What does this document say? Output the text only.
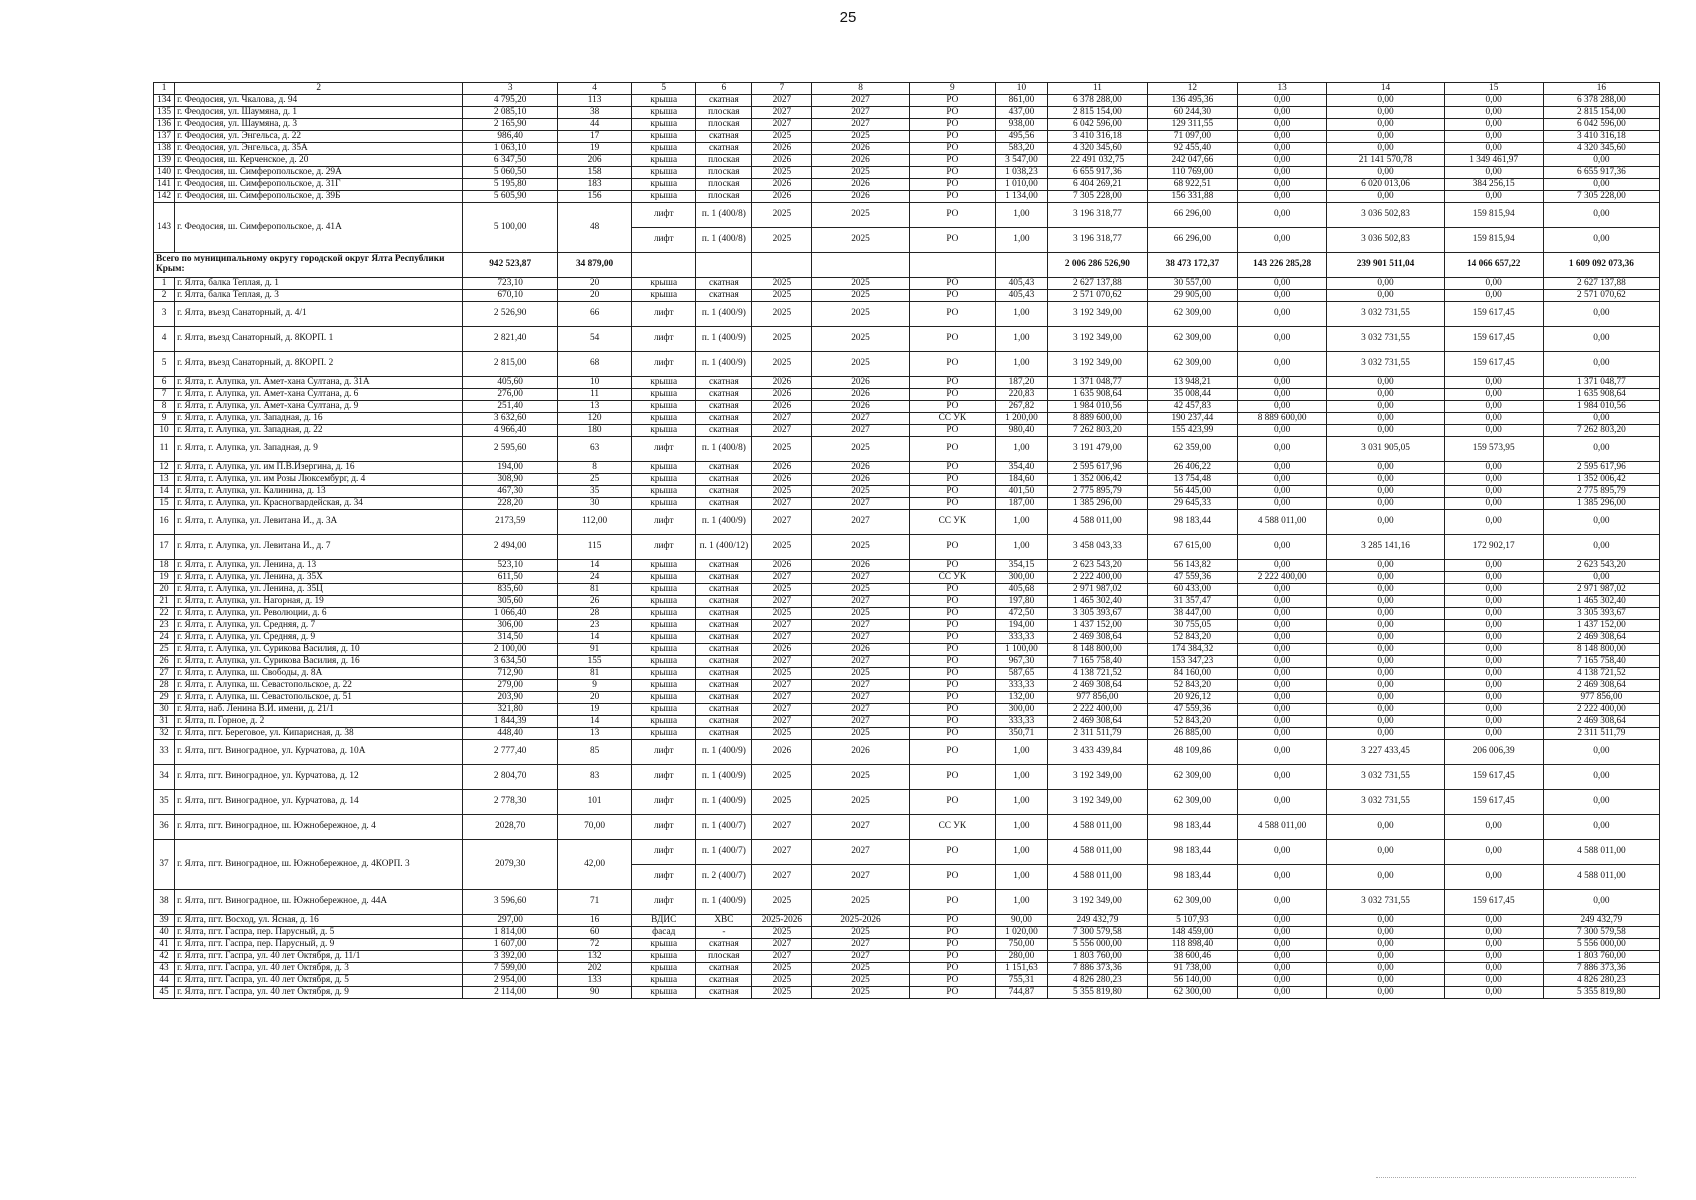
25
1	2	3	4	5	6	7	8	9	10	11	12	13	14	15	16
134	г. Феодосия, ул. Чкалова, д. 94	4 795,20	113	крыша	скатная	2027	2027	РО	861,00	6 378 288,00	136 495,36	0,00	0,00	0,00	6 378 288,00
135	г. Феодосия, ул. Шаумяна, д. 1	2 085,10	38	крыша	плоская	2027	2027	РО	437,00	2 815 154,00	60 244,30	0,00	0,00	0,00	2 815 154,00
136	г. Феодосия, ул. Шаумяна, д. 3	2 165,90	44	крыша	плоская	2027	2027	РО	938,00	6 042 596,00	129 311,55	0,00	0,00	0,00	6 042 596,00
137	г. Феодосия, ул. Энгельса, д. 22	986,40	17	крыша	скатная	2025	2025	РО	495,56	3 410 316,18	71 097,00	0,00	0,00	0,00	3 410 316,18
138	г. Феодосия, ул. Энгельса, д. 35А	1 063,10	19	крыша	скатная	2026	2026	РО	583,20	4 320 345,60	92 455,40	0,00	0,00	0,00	4 320 345,60
139	г. Феодосия, ш. Керченское, д. 20	6 347,50	206	крыша	плоская	2026	2026	РО	3 547,00	22 491 032,75	242 047,66	0,00	21 141 570,78	1 349 461,97	0,00
140	г. Феодосия, ш. Симферопольское, д. 29А	5 060,50	158	крыша	плоская	2025	2025	РО	1 038,23	6 655 917,36	110 769,00	0,00	0,00	0,00	6 655 917,36
141	г. Феодосия, ш. Симферопольское, д. 31Г	5 195,80	183	крыша	плоская	2026	2026	РО	1 010,00	6 404 269,21	68 922,51	0,00	6 020 013,06	384 256,15	0,00
142	г. Феодосия, ш. Симферопольское, д. 39Б	5 605,90	156	крыша	плоская	2026	2026	РО	1 134,00	7 305 228,00	156 331,88	0,00	0,00	0,00	7 305 228,00
143	г. Феодосия, ш. Симферопольское, д. 41А	5 100,00	48	лифт	п. 1 (400/8)	2025	2025	РО	1,00	3 196 318,77	66 296,00	0,00	3 036 502,83	159 815,94	0,00
				лифт	п. 1 (400/8)	2025	2025	РО	1,00	3 196 318,77	66 296,00	0,00	3 036 502,83	159 815,94	0,00
Всего по муниципальному округу городской округ Ялта Республики Крым:		942 523,87	34 879,00							2 006 286 526,90	38 473 172,37	143 226 285,28	239 901 511,04	14 066 657,22	1 609 092 073,36
1	г. Ялта, балка Теплая, д. 1	723,10	20	крыша	скатная	2025	2025	РО	405,43	2 627 137,88	30 557,00	0,00	0,00	0,00	2 627 137,88
2	г. Ялта, балка Теплая, д. 3	670,10	20	крыша	скатная	2025	2025	РО	405,43	2 571 070,62	29 905,00	0,00	0,00	0,00	2 571 070,62
3	г. Ялта, въезд Санаторный, д. 4/1	2 526,90	66	лифт	п. 1 (400/9)	2025	2025	РО	1,00	3 192 349,00	62 309,00	0,00	3 032 731,55	159 617,45	0,00
4	г. Ялта, въезд Санаторный, д. 8КОРП. 1	2 821,40	54	лифт	п. 1 (400/9)	2025	2025	РО	1,00	3 192 349,00	62 309,00	0,00	3 032 731,55	159 617,45	0,00
5	г. Ялта, въезд Санаторный, д. 8КОРП. 2	2 815,00	68	лифт	п. 1 (400/9)	2025	2025	РО	1,00	3 192 349,00	62 309,00	0,00	3 032 731,55	159 617,45	0,00
6	г. Ялта, г. Алупка, ул. Амет-хана Султана, д. 31А	405,60	10	крыша	скатная	2026	2026	РО	187,20	1 371 048,77	13 948,21	0,00	0,00	0,00	1 371 048,77
7	г. Ялта, г. Алупка, ул. Амет-хана Султана, д. 6	276,00	11	крыша	скатная	2026	2026	РО	220,83	1 635 908,64	35 008,44	0,00	0,00	0,00	1 635 908,64
8	г. Ялта, г. Алупка, ул. Амет-хана Султана, д. 9	251,40	13	крыша	скатная	2026	2026	РО	267,82	1 984 010,56	42 457,83	0,00	0,00	0,00	1 984 010,56
9	г. Ялта, г. Алупка, ул. Западная, д. 16	3 632,60	120	крыша	скатная	2027	2027	СС УК	1 200,00	8 889 600,00	190 237,44	8 889 600,00	0,00	0,00	0,00
10	г. Ялта, г. Алупка, ул. Западная, д. 22	4 966,40	180	крыша	скатная	2027	2027	РО	980,40	7 262 803,20	155 423,99	0,00	0,00	0,00	7 262 803,20
11	г. Ялта, г. Алупка, ул. Западная, д. 9	2 595,60	63	лифт	п. 1 (400/8)	2025	2025	РО	1,00	3 191 479,00	62 359,00	0,00	3 031 905,05	159 573,95	0,00
12	г. Ялта, г. Алупка, ул. им П.В.Изергина, д. 16	194,00	8	крыша	скатная	2026	2026	РО	354,40	2 595 617,96	26 406,22	0,00	0,00	0,00	2 595 617,96
13	г. Ялта, г. Алупка, ул. им Розы Люксембург, д. 4	308,90	25	крыша	скатная	2026	2026	РО	184,60	1 352 006,42	13 754,48	0,00	0,00	0,00	1 352 006,42
14	г. Ялта, г. Алупка, ул. Калинина, д. 13	467,30	35	крыша	скатная	2025	2025	РО	401,50	2 775 895,79	56 445,00	0,00	0,00	0,00	2 775 895,79
15	г. Ялта, г. Алупка, ул. Красногвардейская, д. 34	228,20	30	крыша	скатная	2027	2027	РО	187,00	1 385 296,00	29 645,33	0,00	0,00	0,00	1 385 296,00
16	г. Ялта, г. Алупка, ул. Левитана И., д. 3А	2173,59	112,00	лифт	п. 1 (400/9)	2027	2027	СС УК	1,00	4 588 011,00	98 183,44	4 588 011,00	0,00	0,00	0,00
17	г. Ялта, г. Алупка, ул. Левитана И., д. 7	2 494,00	115	лифт	п. 1 (400/12)	2025	2025	РО	1,00	3 458 043,33	67 615,00	0,00	3 285 141,16	172 902,17	0,00
18	г. Ялта, г. Алупка, ул. Ленина, д. 13	523,10	14	крыша	скатная	2026	2026	РО	354,15	2 623 543,20	56 143,82	0,00	0,00	0,00	2 623 543,20
19	г. Ялта, г. Алупка, ул. Ленина, д. 35Х	611,50	24	крыша	скатная	2027	2027	СС УК	300,00	2 222 400,00	47 559,36	2 222 400,00	0,00	0,00	0,00
20	г. Ялта, г. Алупка, ул. Ленина, д. 35Ц	835,60	81	крыша	скатная	2025	2025	РО	405,68	2 971 987,02	60 433,00	0,00	0,00	0,00	2 971 987,02
21	г. Ялта, г. Алупка, ул. Нагорная, д. 19	305,60	26	крыша	скатная	2027	2027	РО	197,80	1 465 302,40	31 357,47	0,00	0,00	0,00	1 465 302,40
22	г. Ялта, г. Алупка, ул. Революции, д. 6	1 066,40	28	крыша	скатная	2025	2025	РО	472,50	3 305 393,67	38 447,00	0,00	0,00	0,00	3 305 393,67
23	г. Ялта, г. Алупка, ул. Средняя, д. 7	306,00	23	крыша	скатная	2027	2027	РО	194,00	1 437 152,00	30 755,05	0,00	0,00	0,00	1 437 152,00
24	г. Ялта, г. Алупка, ул. Средняя, д. 9	314,50	14	крыша	скатная	2027	2027	РО	333,33	2 469 308,64	52 843,20	0,00	0,00	0,00	2 469 308,64
25	г. Ялта, г. Алупка, ул. Сурикова Василия, д. 10	2 100,00	91	крыша	скатная	2026	2026	РО	1 100,00	8 148 800,00	174 384,32	0,00	0,00	0,00	8 148 800,00
26	г. Ялта, г. Алупка, ул. Сурикова Василия, д. 16	3 634,50	155	крыша	скатная	2027	2027	РО	967,30	7 165 758,40	153 347,23	0,00	0,00	0,00	7 165 758,40
27	г. Ялта, г. Алупка, ш. Свободы, д. 8А	712,90	81	крыша	скатная	2025	2025	РО	587,65	4 138 721,52	84 160,00	0,00	0,00	0,00	4 138 721,52
28	г. Ялта, г. Алупка, ш. Севастопольское, д. 22	279,00	9	крыша	скатная	2027	2027	РО	333,33	2 469 308,64	52 843,20	0,00	0,00	0,00	2 469 308,64
29	г. Ялта, г. Алупка, ш. Севастопольское, д. 51	203,90	20	крыша	скатная	2027	2027	РО	132,00	977 856,00	20 926,12	0,00	0,00	0,00	977 856,00
30	г. Ялта, наб. Ленина В.И. имени, д. 21/1	321,80	19	крыша	скатная	2027	2027	РО	300,00	2 222 400,00	47 559,36	0,00	0,00	0,00	2 222 400,00
31	г. Ялта, п. Горное, д. 2	1 844,39	14	крыша	скатная	2027	2027	РО	333,33	2 469 308,64	52 843,20	0,00	0,00	0,00	2 469 308,64
32	г. Ялта, пгт. Береговое, ул. Кипарисная, д. 38	448,40	13	крыша	скатная	2025	2025	РО	350,71	2 311 511,79	26 885,00	0,00	0,00	0,00	2 311 511,79
33	г. Ялта, пгт. Виноградное, ул. Курчатова, д. 10А	2 777,40	85	лифт	п. 1 (400/9)	2026	2026	РО	1,00	3 433 439,84	48 109,86	0,00	3 227 433,45	206 006,39	0,00
34	г. Ялта, пгт. Виноградное, ул. Курчатова, д. 12	2 804,70	83	лифт	п. 1 (400/9)	2025	2025	РО	1,00	3 192 349,00	62 309,00	0,00	3 032 731,55	159 617,45	0,00
35	г. Ялта, пгт. Виноградное, ул. Курчатова, д. 14	2 778,30	101	лифт	п. 1 (400/9)	2025	2025	РО	1,00	3 192 349,00	62 309,00	0,00	3 032 731,55	159 617,45	0,00
36	г. Ялта, пгт. Виноградное, ш. Южнобережное, д. 4	2028,70	70,00	лифт	п. 1 (400/7)	2027	2027	СС УК	1,00	4 588 011,00	98 183,44	4 588 011,00	0,00	0,00	0,00
37	г. Ялта, пгт. Виноградное, ш. Южнобережное, д. 4КОРП. 3	2079,30	42,00	лифт	п. 1 (400/7)	2027	2027	РО	1,00	4 588 011,00	98 183,44	0,00	0,00	0,00	4 588 011,00
				лифт	п. 2 (400/7)	2027	2027	РО	1,00	4 588 011,00	98 183,44	0,00	0,00	0,00	4 588 011,00
38	г. Ялта, пгт. Виноградное, ш. Южнобережное, д. 44А	3 596,60	71	лифт	п. 1 (400/9)	2025	2025	РО	1,00	3 192 349,00	62 309,00	0,00	3 032 731,55	159 617,45	0,00
39	г. Ялта, пгт. Восход, ул. Ясная, д. 16	297,00	16	ВДИС	ХВС	2025-2026	2025-2026	РО	90,00	249 432,79	5 107,93	0,00	0,00	0,00	249 432,79
40	г. Ялта, пгт. Гаспра, пер. Парусный, д. 5	1 814,00	60	фасад	-	2025	2025	РО	1 020,00	7 300 579,58	148 459,00	0,00	0,00	0,00	7 300 579,58
41	г. Ялта, пгт. Гаспра, пер. Парусный, д. 9	1 607,00	72	крыша	скатная	2027	2027	РО	750,00	5 556 000,00	118 898,40	0,00	0,00	0,00	5 556 000,00
42	г. Ялта, пгт. Гаспра, ул. 40 лет Октября, д. 11/1	3 392,00	132	крыша	плоская	2027	2027	РО	280,00	1 803 760,00	38 600,46	0,00	0,00	0,00	1 803 760,00
43	г. Ялта, пгт. Гаспра, ул. 40 лет Октября, д. 3	7 599,00	202	крыша	скатная	2025	2025	РО	1 151,63	7 886 373,36	91 738,00	0,00	0,00	0,00	7 886 373,36
44	г. Ялта, пгт. Гаспра, ул. 40 лет Октября, д. 5	2 954,00	133	крыша	скатная	2025	2025	РО	755,31	4 826 280,23	56 140,00	0,00	0,00	0,00	4 826 280,23
45	г. Ялта, пгт. Гаспра, ул. 40 лет Октября, д. 9	2 114,00	90	крыша	скатная	2025	2025	РО	744,87	5 355 819,80	62 300,00	0,00	0,00	0,00	5 355 819,80
